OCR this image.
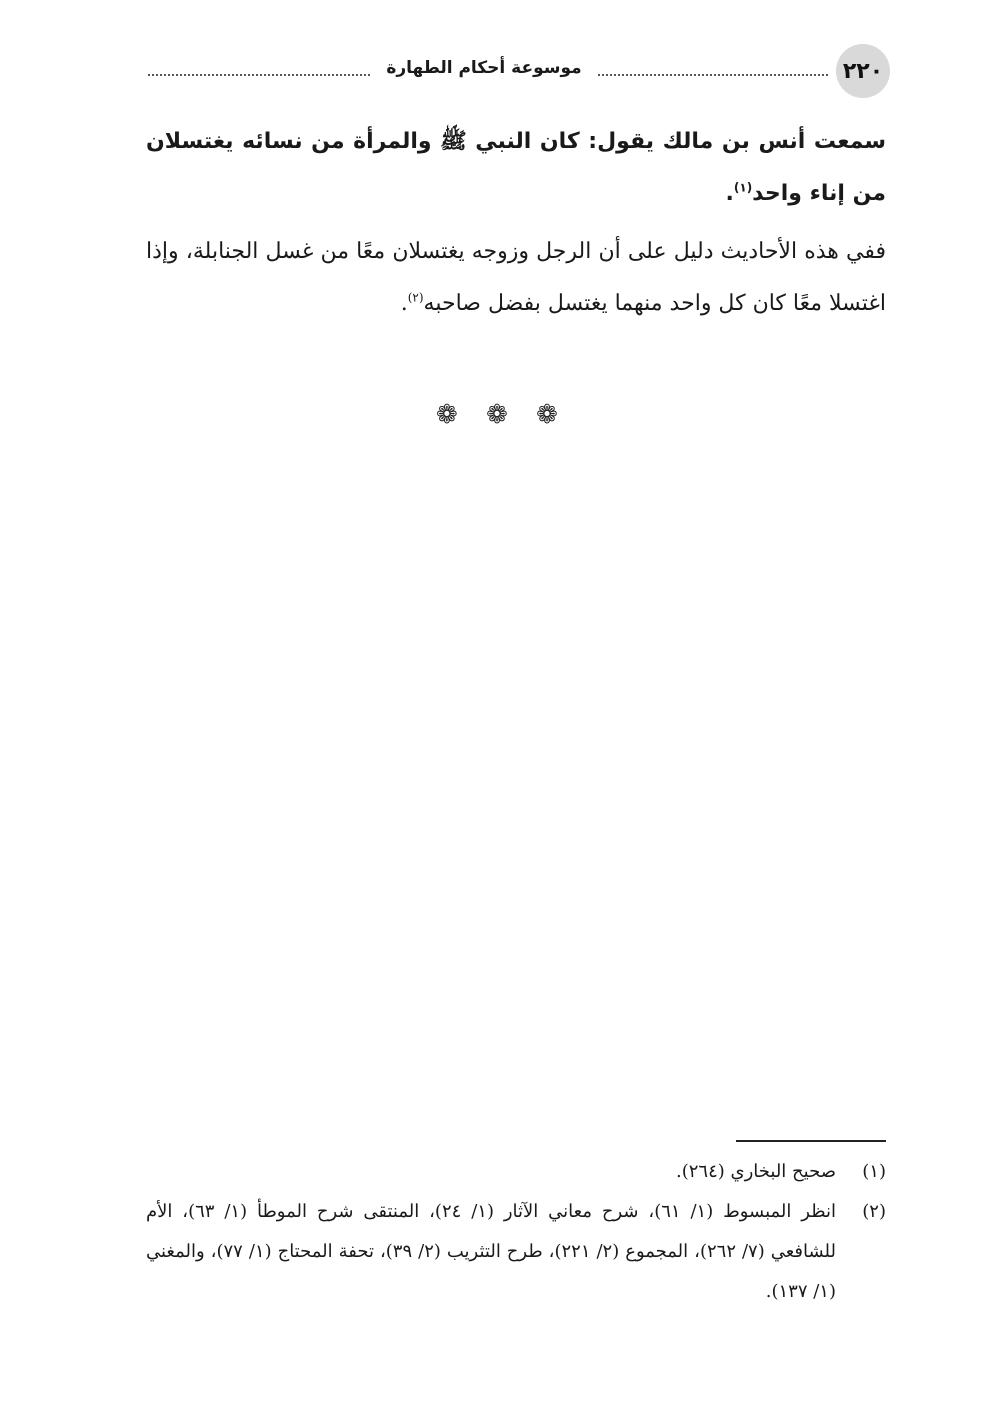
٢٢٠
موسوعة أحكام الطهارة
سمعت أنس بن مالك يقول: كان النبي ﷺ والمرأة من نسائه يغتسلان من إناء واحد$^{(١)}$.
ففي هذه الأحاديث دليل على أن الرجل وزوجه يغتسلان معًا من غسل الجنابلة، وإذا اغتسلا معًا كان كل واحد منهما يغتسل بفضل صاحبه$^{(٢)}$.
❁ ❁ ❁
(١)
صحيح البخاري (٢٦٤).
(٢)
انظر المبسوط (١/ ٦١)، شرح معاني الآثار (١/ ٢٤)، المنتقى شرح الموطأ (١/ ٦٣)، الأم للشافعي (٧/ ٢٦٢)، المجموع (٢/ ٢٢١)، طرح التثريب (٢/ ٣٩)، تحفة المحتاج (١/ ٧٧)، والمغني (١/ ١٣٧).
